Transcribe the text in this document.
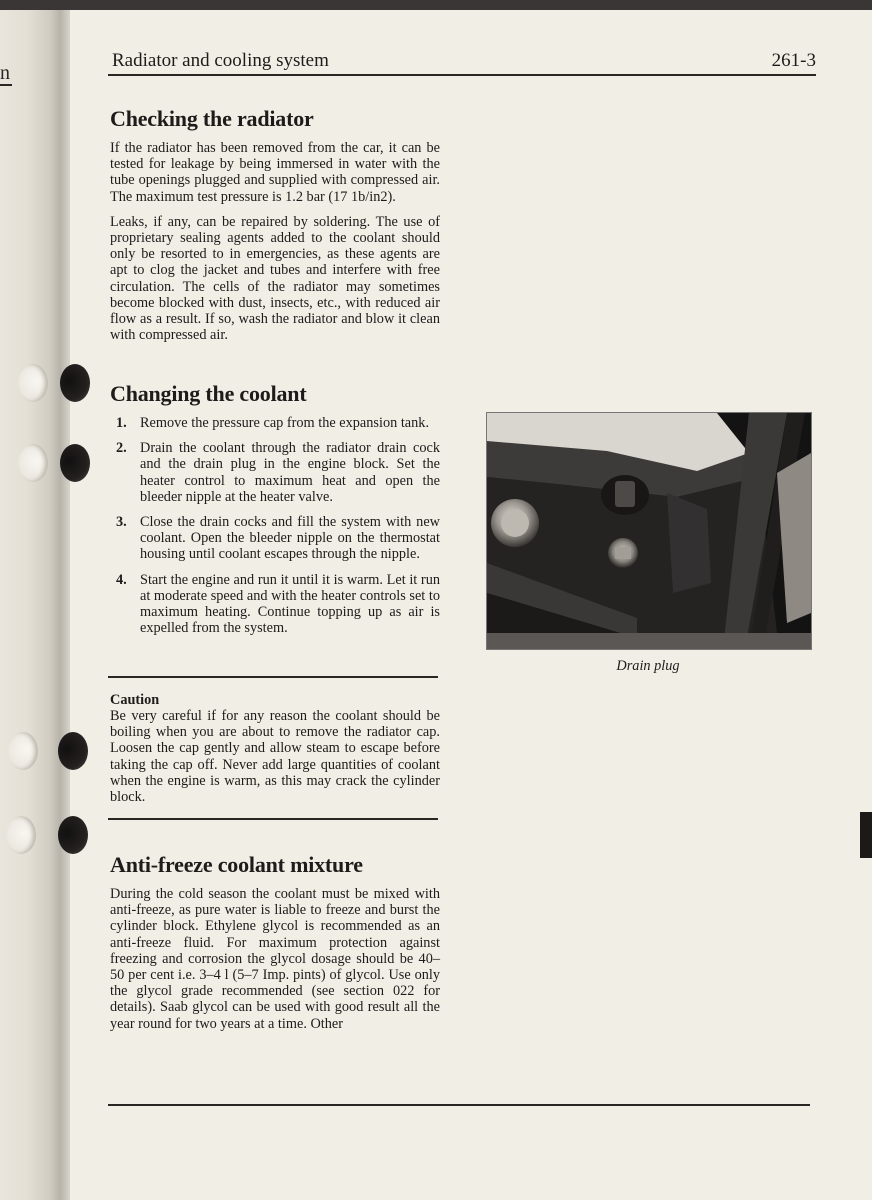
n
Radiator and cooling system	261-3
Checking the radiator

If the radiator has been removed from the car, it can be tested for leakage by being immersed in water with the tube openings plugged and supplied with compressed air. The maximum test pressure is 1.2 bar (17 1b/in2).

Leaks, if any, can be repaired by soldering. The use of proprietary sealing agents added to the coolant should only be resorted to in emergencies, as these agents are apt to clog the jacket and tubes and interfere with free circulation. The cells of the radiator may sometimes become blocked with dust, insects, etc., with reduced air flow as a result. If so, wash the radiator and blow it clean with compressed air.

Changing the coolant
1. Remove the pressure cap from the expansion tank.
2. Drain the coolant through the radiator drain cock and the drain plug in the engine block. Set the heater control to maximum heat and open the bleeder nipple at the heater valve.
3. Close the drain cocks and fill the system with new coolant. Open the bleeder nipple on the thermostat housing until coolant escapes through the nipple.
4. Start the engine and run it until it is warm. Let it run at moderate speed and with the heater controls set to maximum heating. Continue topping up as air is expelled from the system.

Caution

Be very careful if for any reason the coolant should be boiling when you are about to remove the radiator cap. Loosen the cap gently and allow steam to escape before taking the cap off. Never add large quantities of coolant when the engine is warm, as this may crack the cylinder block.

Anti-freeze coolant mixture

During the cold season the coolant must be mixed with anti-freeze, as pure water is liable to freeze and burst the cylinder block. Ethylene glycol is recommended as an anti-freeze fluid. For maximum protection against freezing and corrosion the glycol dosage should be 40–50 per cent i.e. 3–4 l (5–7 Imp. pints) of glycol. Use only the glycol grade recommended (see section 022 for details). Saab glycol can be used with good result all the year round for two years at a time. Other

Drain plug
